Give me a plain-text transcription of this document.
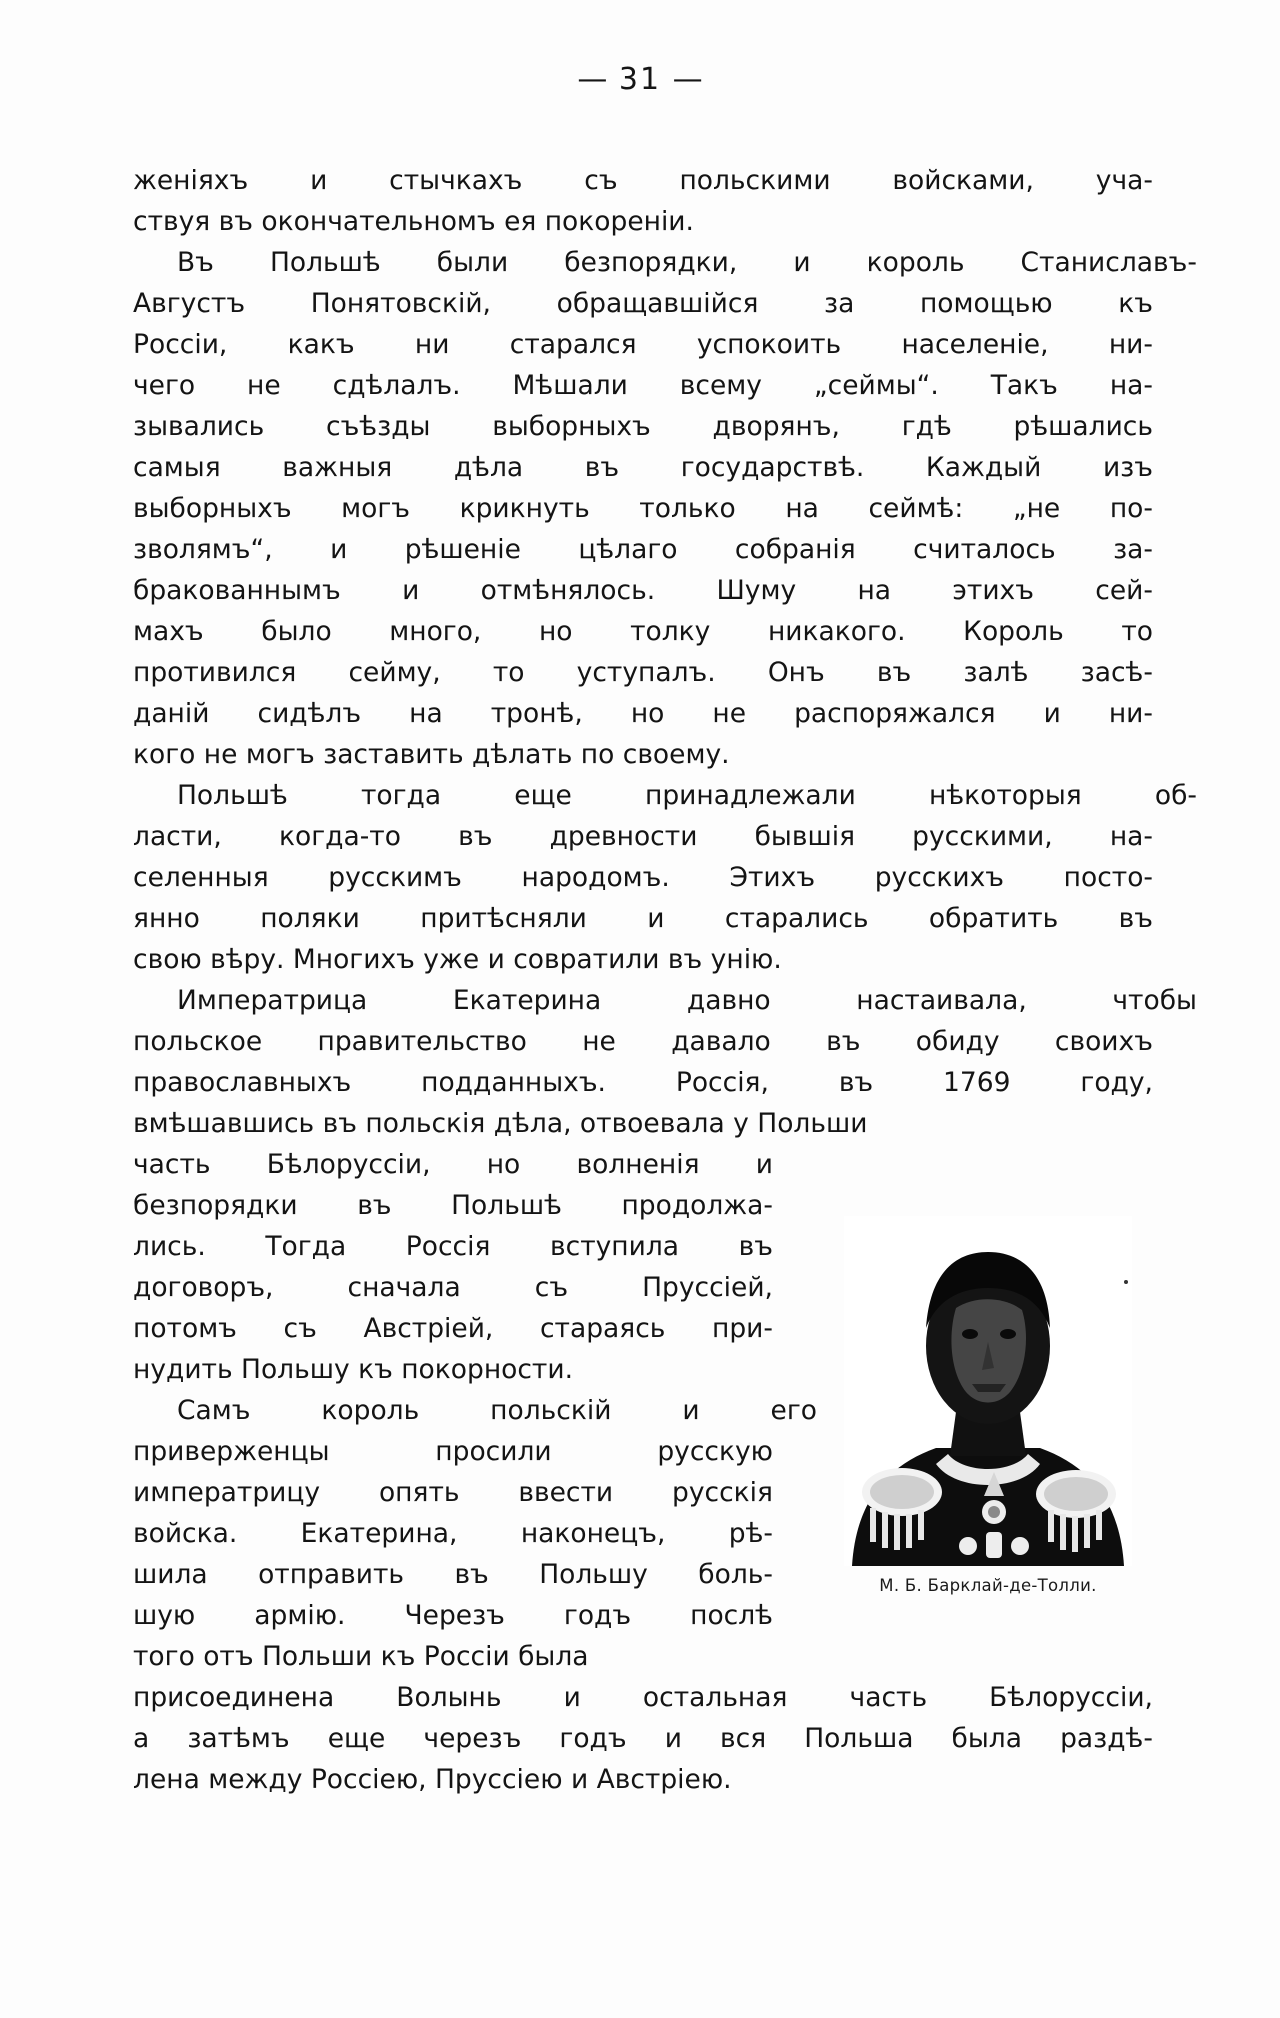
— 31 —
женіяхъ и стычкахъ съ польскими войсками, уча-
ствуя въ окончательномъ ея покореніи.
Въ Польшѣ были безпорядки, и король Станиславъ-
Августъ Понятовскій, обращавшійся за помощью къ
Россіи, какъ ни старался успокоить населеніе, ни-
чего не сдѣлалъ. Мѣшали всему „сеймы“. Такъ на-
зывались съѣзды выборныхъ дворянъ, гдѣ рѣшались
самыя важныя дѣла въ государствѣ. Каждый изъ
выборныхъ могъ крикнуть только на сеймѣ: „не по-
зволямъ“, и рѣшеніе цѣлаго собранія считалось за-
бракованнымъ и отмѣнялось. Шуму на этихъ сей-
махъ было много, но толку никакого. Король то
противился сейму, то уступалъ. Онъ въ залѣ засѣ-
даній сидѣлъ на тронѣ, но не распоряжался и ни-
кого не могъ заставить дѣлать по своему.
Польшѣ	тогда	еще	принадлежали	нѣкоторыя	об-
ласти, когда-то въ древности бывшія русскими, на-
селенныя русскимъ народомъ. Этихъ русскихъ посто-
янно поляки притѣсняли и старались обратить въ
свою вѣру. Многихъ уже и совратили въ унію.
Императрица	Екатерина	давно	настаивала,	чтобы
польское правительство не давало въ обиду своихъ
православныхъ	подданныхъ.	Россія,	въ	1769	году,
вмѣшавшись въ польскія дѣла, отвоевала у Польши
часть Бѣлоруссіи, но волненія и
безпорядки въ Польшѣ продолжа-
лись. Тогда Россія вступила въ
договоръ,	сначала	съ	Пруссіей,
потомъ съ Австріей, стараясь при-
нудить Польшу къ покорности.
Самъ	король	польскій	и	его
приверженцы	просили	русскую
императрицу опять ввести русскія
войска. Екатерина, наконецъ, рѣ-
шила отправить въ Польшу боль-
шую армію. Черезъ годъ послѣ
того отъ Польши къ Россіи была
присоединена Волынь и остальная часть Бѣлоруссіи,
а затѣмъ еще черезъ годъ и вся Польша была раздѣ-
лена между Россіею, Пруссіею и Австріею.
М. Б. Барклай-де-Толли.
